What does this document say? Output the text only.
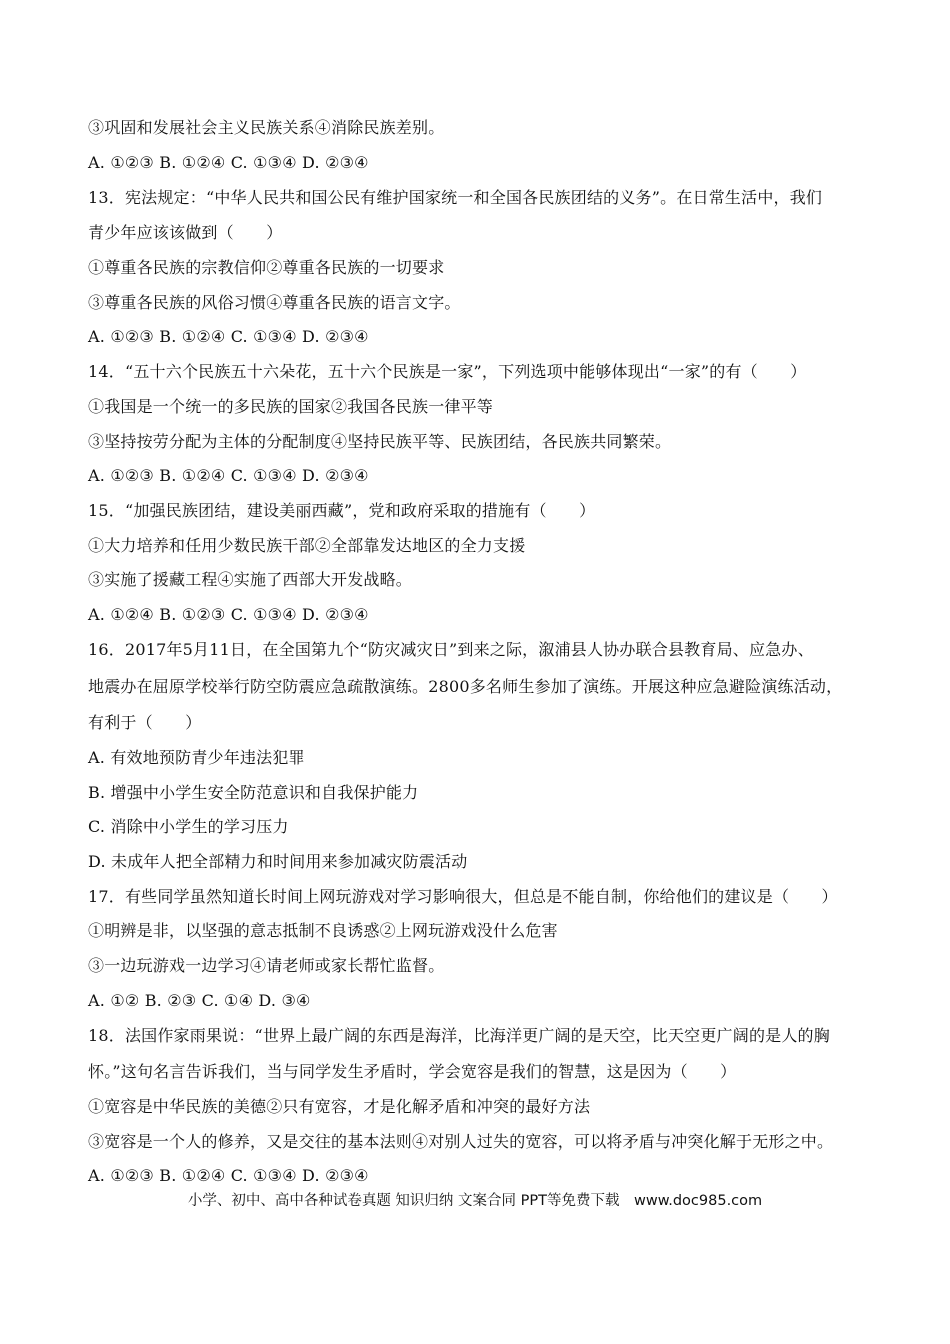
③巩固和发展社会主义民族关系④消除民族差别。
A. ①②③ B. ①②④ C. ①③④ D. ②③④
13．宪法规定：“中华人民共和国公民有维护国家统一和全国各民族团结的义务”。在日常生活中，我们
青少年应该该做到（　　）
①尊重各民族的宗教信仰②尊重各民族的一切要求
③尊重各民族的风俗习惯④尊重各民族的语言文字。
A. ①②③ B. ①②④ C. ①③④ D. ②③④
14．“五十六个民族五十六朵花，五十六个民族是一家”，下列选项中能够体现出“一家”的有（　　）
①我国是一个统一的多民族的国家②我国各民族一律平等
③坚持按劳分配为主体的分配制度④坚持民族平等、民族团结，各民族共同繁荣。
A. ①②③ B. ①②④ C. ①③④ D. ②③④
15．“加强民族团结，建设美丽西藏”，党和政府采取的措施有（　　）
①大力培养和任用少数民族干部②全部靠发达地区的全力支援
③实施了援藏工程④实施了西部大开发战略。
A. ①②④ B. ①②③ C. ①③④ D. ②③④
16．2017年5月11日，在全国第九个“防灾减灾日”到来之际，溆浦县人协办联合县教育局、应急办、
地震办在屈原学校举行防空防震应急疏散演练。2800多名师生参加了演练。开展这种应急避险演练活动，
有利于（　　）
A. 有效地预防青少年违法犯罪
B. 增强中小学生安全防范意识和自我保护能力
C. 消除中小学生的学习压力
D. 未成年人把全部精力和时间用来参加减灾防震活动
17．有些同学虽然知道长时间上网玩游戏对学习影响很大，但总是不能自制，你给他们的建议是（　　）
①明辨是非，以坚强的意志抵制不良诱惑②上网玩游戏没什么危害
③一边玩游戏一边学习④请老师或家长帮忙监督。
A. ①② B. ②③ C. ①④ D. ③④
18．法国作家雨果说：“世界上最广阔的东西是海洋，比海洋更广阔的是天空，比天空更广阔的是人的胸
怀。”这句名言告诉我们，当与同学发生矛盾时，学会宽容是我们的智慧，这是因为（　　）
①宽容是中华民族的美德②只有宽容，才是化解矛盾和冲突的最好方法
③宽容是一个人的修养，又是交往的基本法则④对别人过失的宽容，可以将矛盾与冲突化解于无形之中。
A. ①②③ B. ①②④ C. ①③④ D. ②③④
小学、初中、高中各种试卷真题 知识归纳 文案合同 PPT等免费下载　www.doc985.com
